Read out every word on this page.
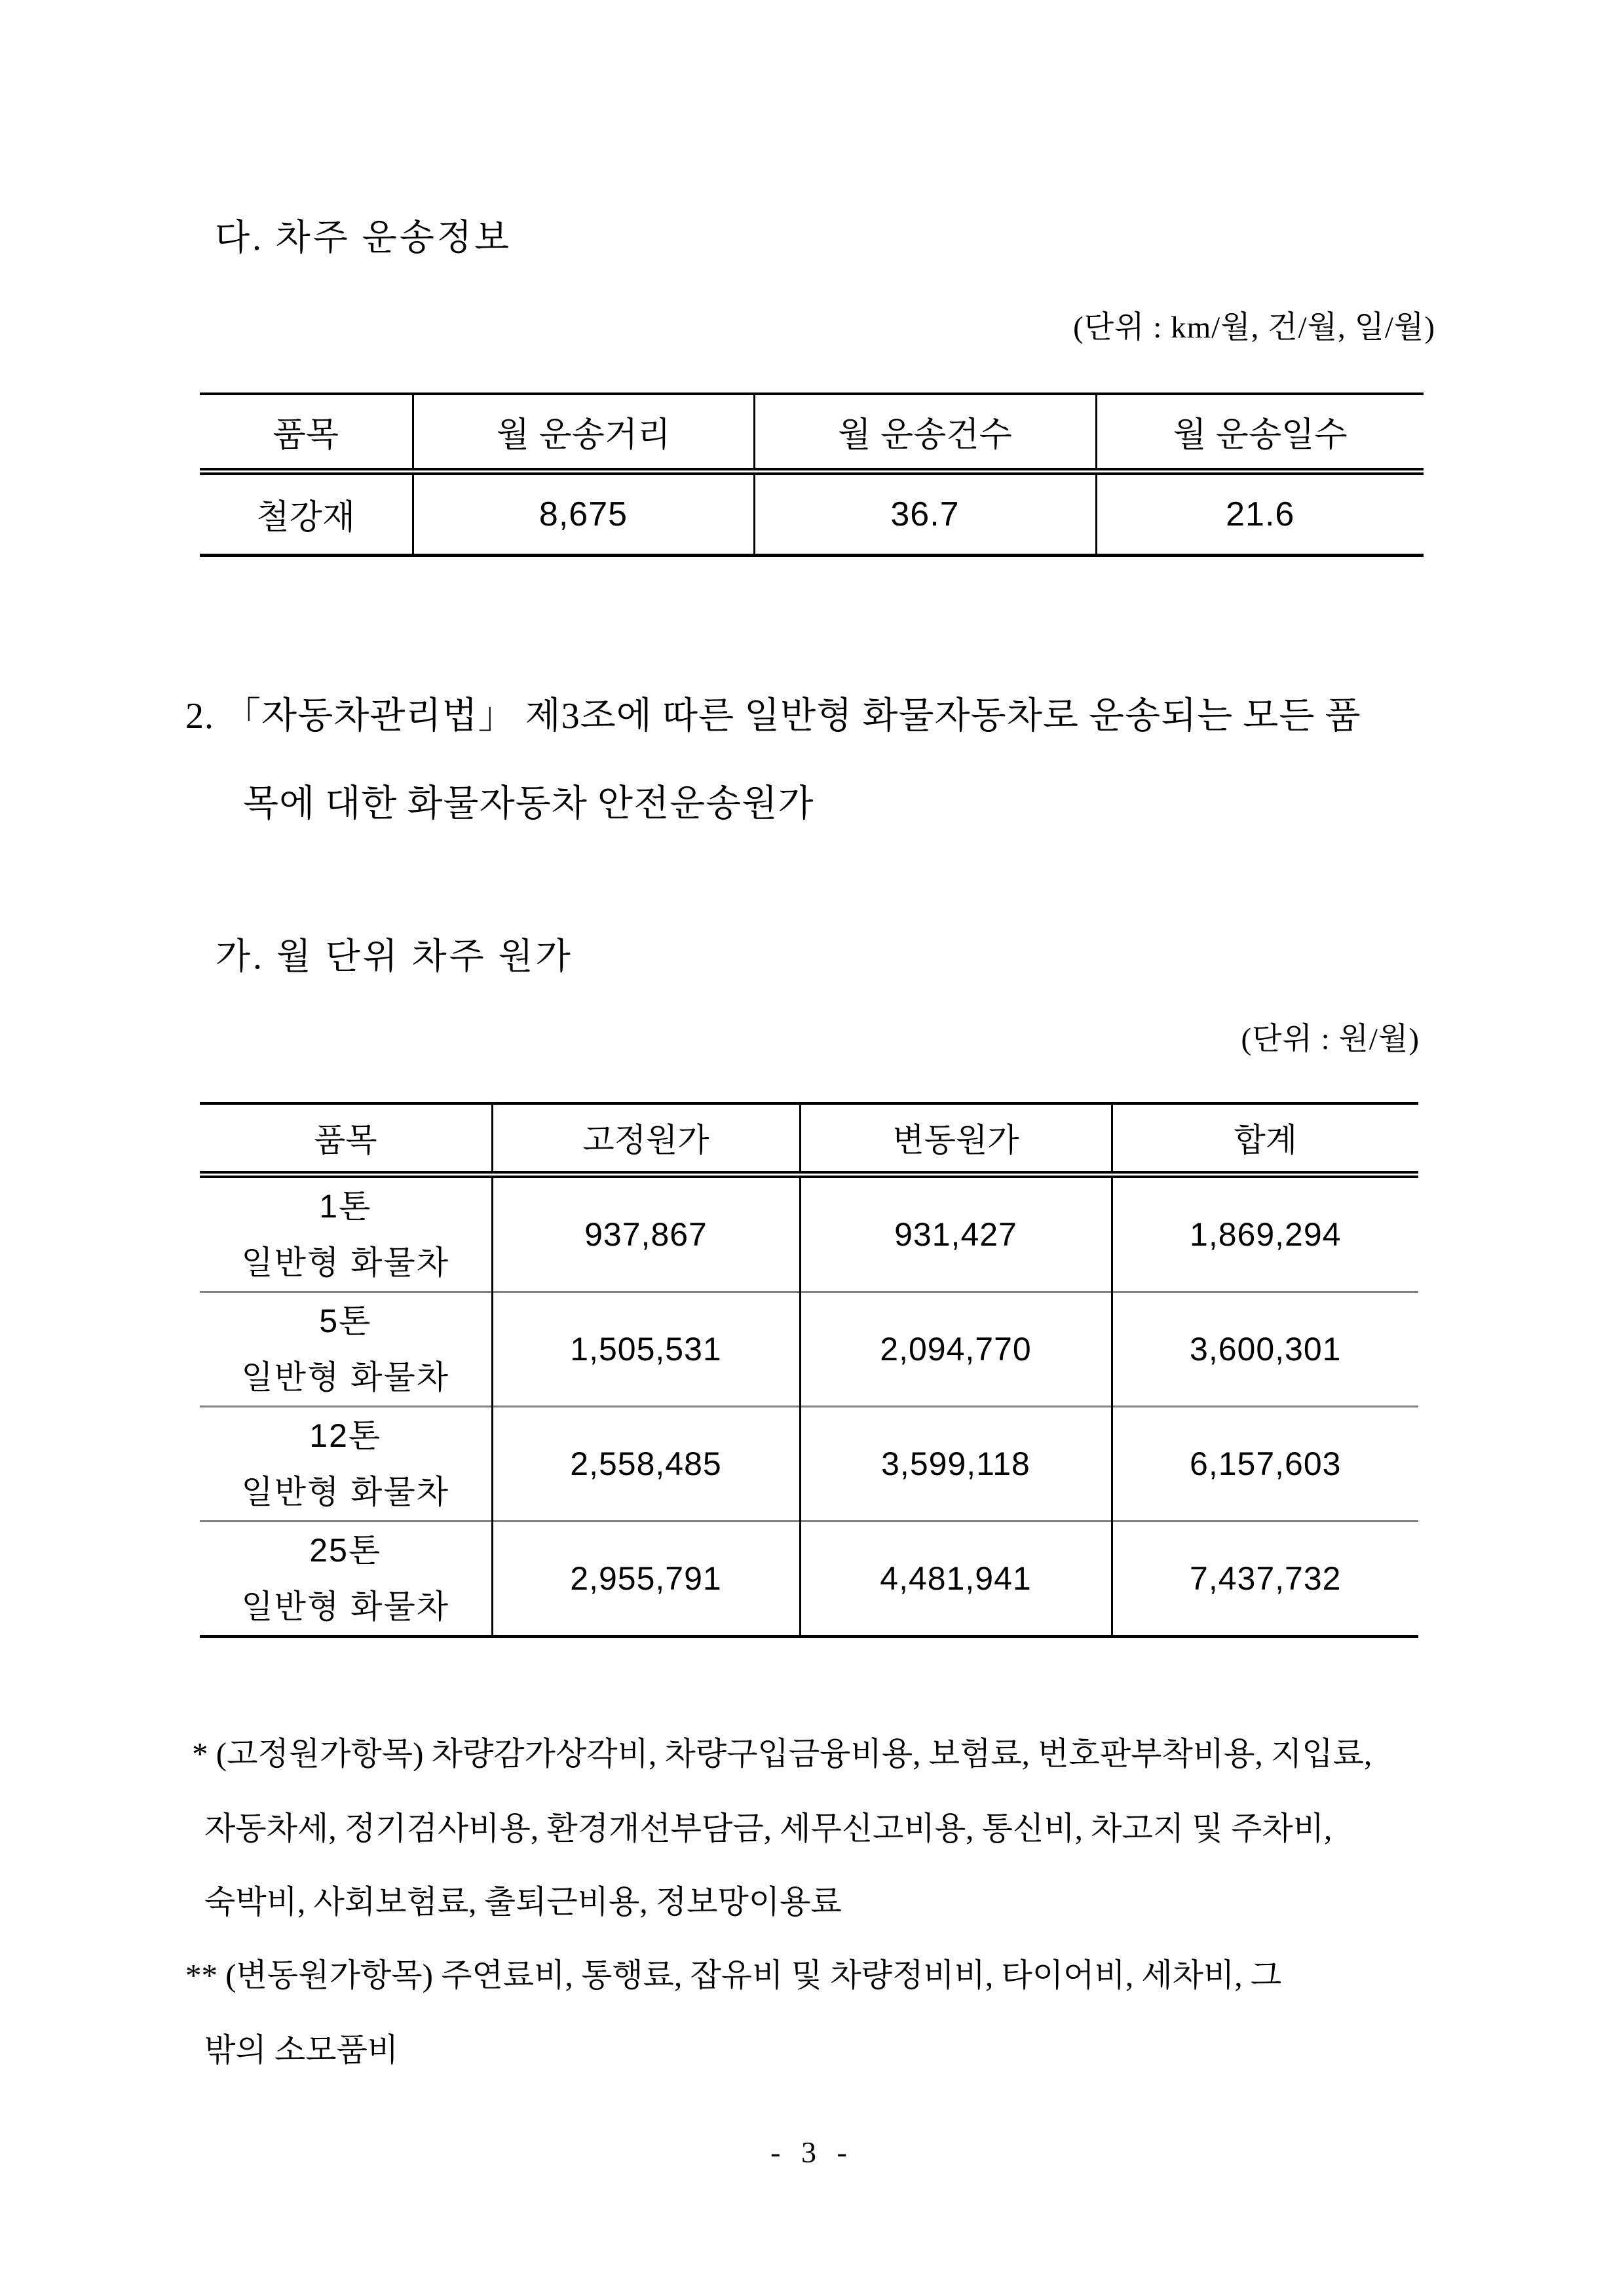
다. 차주 운송정보
(단위 : km/월, 건/월, 일/월)
품목	월 운송거리	월 운송건수	월 운송일수
철강재	8,675	36.7	21.6
2. 「자동차관리법」 제3조에 따른 일반형 화물자동차로 운송되는 모든 품
목에 대한 화물자동차 안전운송원가
가. 월 단위 차주 원가
(단위 : 원/월)
품목	고정원가	변동원가	합계

1톤
일반형 화물차	937,867	931,427	1,869,294

5톤
일반형 화물차	1,505,531	2,094,770	3,600,301

12톤
일반형 화물차	2,558,485	3,599,118	6,157,603

25톤
일반형 화물차	2,955,791	4,481,941	7,437,732
* (고정원가항목) 차량감가상각비, 차량구입금융비용, 보험료, 번호판부착비용, 지입료,
자동차세, 정기검사비용, 환경개선부담금, 세무신고비용, 통신비, 차고지 및 주차비,
숙박비, 사회보험료, 출퇴근비용, 정보망이용료
** (변동원가항목) 주연료비, 통행료, 잡유비 및 차량정비비, 타이어비, 세차비, 그
밖의 소모품비
- 3 -
